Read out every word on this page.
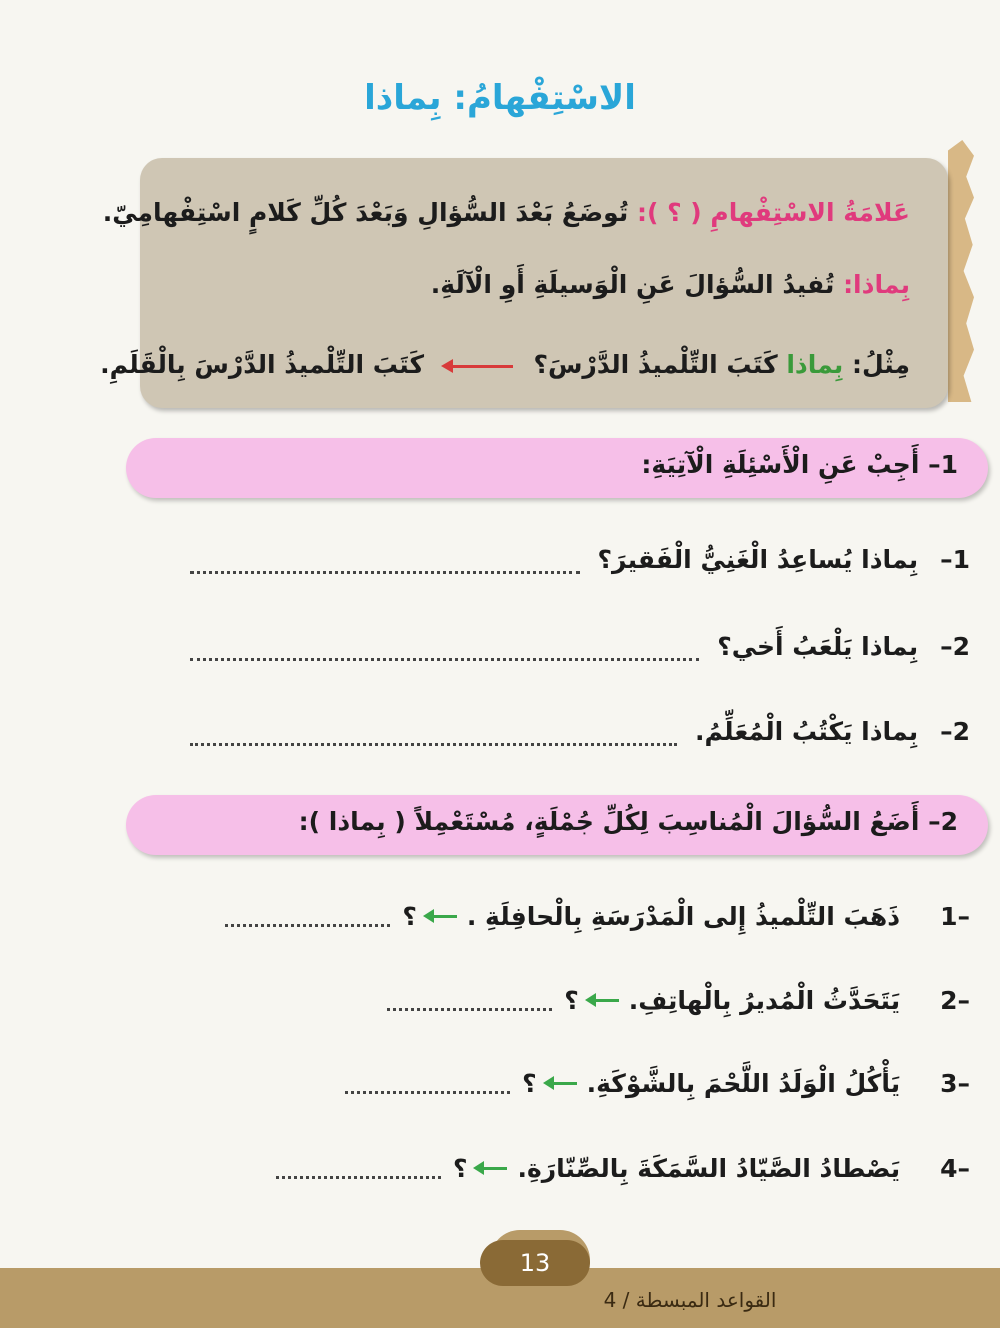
الاسْتِفْهامُ: بِماذا
عَلامَةُ الاسْتِفْهامِ ( ؟ ): تُوضَعُ بَعْدَ السُّؤالِ وَبَعْدَ كُلِّ كَلامٍ اسْتِفْهامِيّ.
بِماذا: تُفيدُ السُّؤالَ عَنِ الْوَسيلَةِ أَوِ الْآلَةِ.
مِثْلُ: بِماذا كَتَبَ التِّلْميذُ الدَّرْسَ؟  كَتَبَ التِّلْميذُ الدَّرْسَ بِالْقَلَمِ.
1– أَجِبْ عَنِ الْأَسْئِلَةِ الْآتِيَةِ:
1–
بِماذا يُساعِدُ الْغَنِيُّ الْفَقيرَ؟
2–
بِماذا يَلْعَبُ أَخي؟
2–
بِماذا يَكْتُبُ الْمُعَلِّمُ.
2– أَضَعُ السُّؤالَ الْمُناسِبَ لِكُلِّ جُمْلَةٍ، مُسْتَعْمِلاً ( بِماذا ):
–1
ذَهَبَ التِّلْميذُ إِلى الْمَدْرَسَةِ بِالْحافِلَةِ .
؟
–2
يَتَحَدَّثُ الْمُديرُ بِالْهاتِفِ.
؟
–3
يَأْكُلُ الْوَلَدُ اللَّحْمَ بِالشَّوْكَةِ.
؟
–4
يَصْطادُ الصَّيّادُ السَّمَكَةَ بِالصِّنّارَةِ.
؟
13
القواعد المبسطة / 4
